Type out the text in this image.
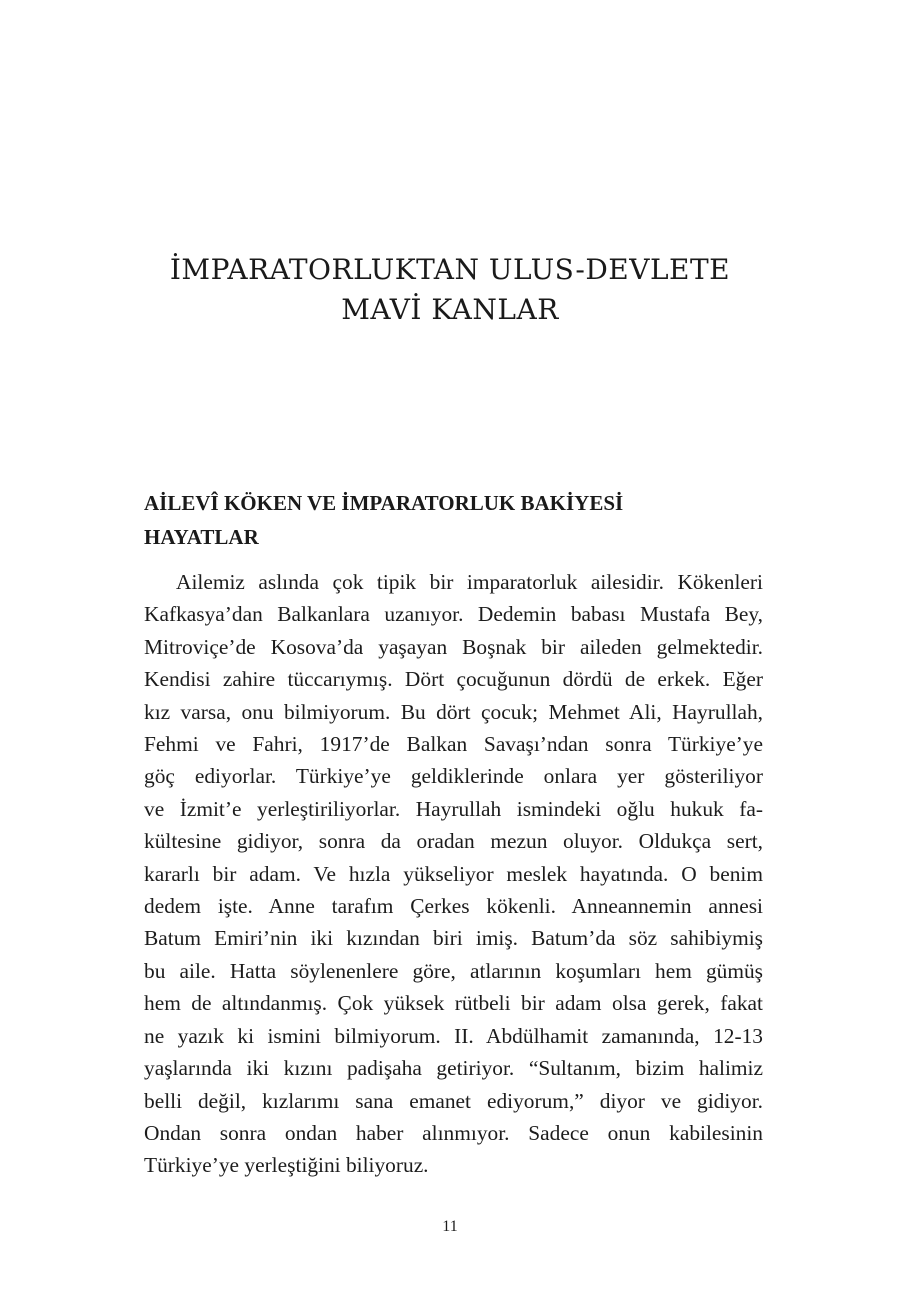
İMPARATORLUKTAN ULUS-DEVLETE
MAVİ KANLAR
AİLEVÎ KÖKEN VE İMPARATORLUK BAKİYESİ
HAYATLAR
Ailemiz aslında çok tipik bir imparatorluk ailesidir. Kökenleri
Kafkasya’dan Balkanlara uzanıyor. Dedemin babası Mustafa Bey,
Mitroviçe’de Kosova’da yaşayan Boşnak bir aileden gelmektedir.
Kendisi zahire tüccarıymış. Dört çocuğunun dördü de erkek. Eğer
kız varsa, onu bilmiyorum. Bu dört çocuk; Mehmet Ali, Hayrullah,
Fehmi ve Fahri, 1917’de Balkan Savaşı’ndan sonra Türkiye’ye
göç ediyorlar. Türkiye’ye geldiklerinde onlara yer gösteriliyor
ve İzmit’e yerleştiriliyorlar. Hayrullah ismindeki oğlu hukuk fa-
kültesine gidiyor, sonra da oradan mezun oluyor. Oldukça sert,
kararlı bir adam. Ve hızla yükseliyor meslek hayatında. O benim
dedem işte. Anne tarafım Çerkes kökenli. Anneannemin annesi
Batum Emiri’nin iki kızından biri imiş. Batum’da söz sahibiymiş
bu aile. Hatta söylenenlere göre, atlarının koşumları hem gümüş
hem de altındanmış. Çok yüksek rütbeli bir adam olsa gerek, fakat
ne yazık ki ismini bilmiyorum. II. Abdülhamit zamanında, 12-13
yaşlarında iki kızını padişaha getiriyor. “Sultanım, bizim halimiz
belli değil, kızlarımı sana emanet ediyorum,” diyor ve gidiyor.
Ondan sonra ondan haber alınmıyor. Sadece onun kabilesinin
Türkiye’ye yerleştiğini biliyoruz.
11
